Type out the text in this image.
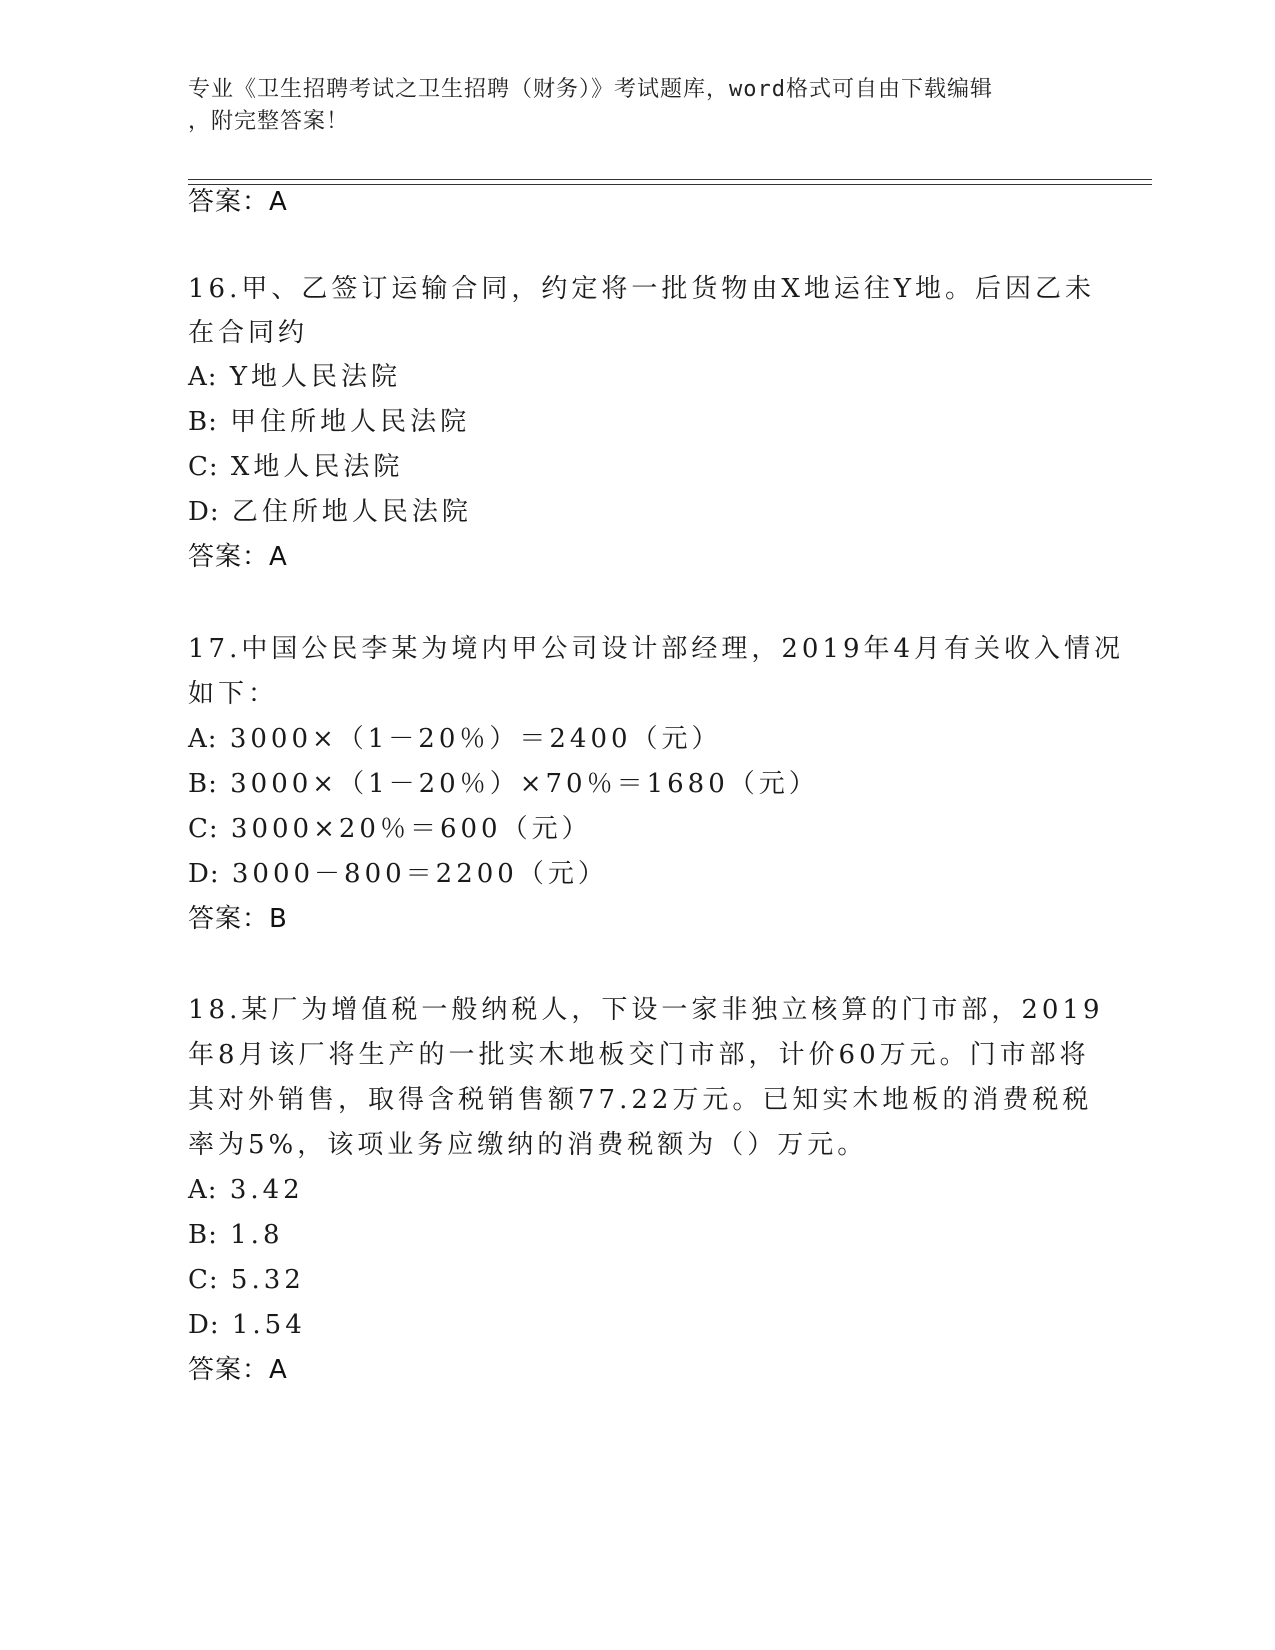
专业《卫生招聘考试之卫生招聘（财务）》考试题库，word格式可自由下载编辑
，附完整答案！
答案：A
16.甲、乙签订运输合同，约定将一批货物由X地运往Y地。后因乙未
在合同约
A: Y地人民法院
B: 甲住所地人民法院
C: X地人民法院
D: 乙住所地人民法院
答案：A
17.中国公民李某为境内甲公司设计部经理，2019年4月有关收入情况
如下：
A: 3000×（1－20％）＝2400（元）
B: 3000×（1－20％）×70％＝1680（元）
C: 3000×20％＝600（元）
D: 3000－800＝2200（元）
答案：B
18.某厂为增值税一般纳税人，下设一家非独立核算的门市部，2019
年8月该厂将生产的一批实木地板交门市部，计价60万元。门市部将
其对外销售，取得含税销售额77.22万元。已知实木地板的消费税税
率为5%，该项业务应缴纳的消费税额为（）万元。
A: 3.42
B: 1.8
C: 5.32
D: 1.54
答案：A
